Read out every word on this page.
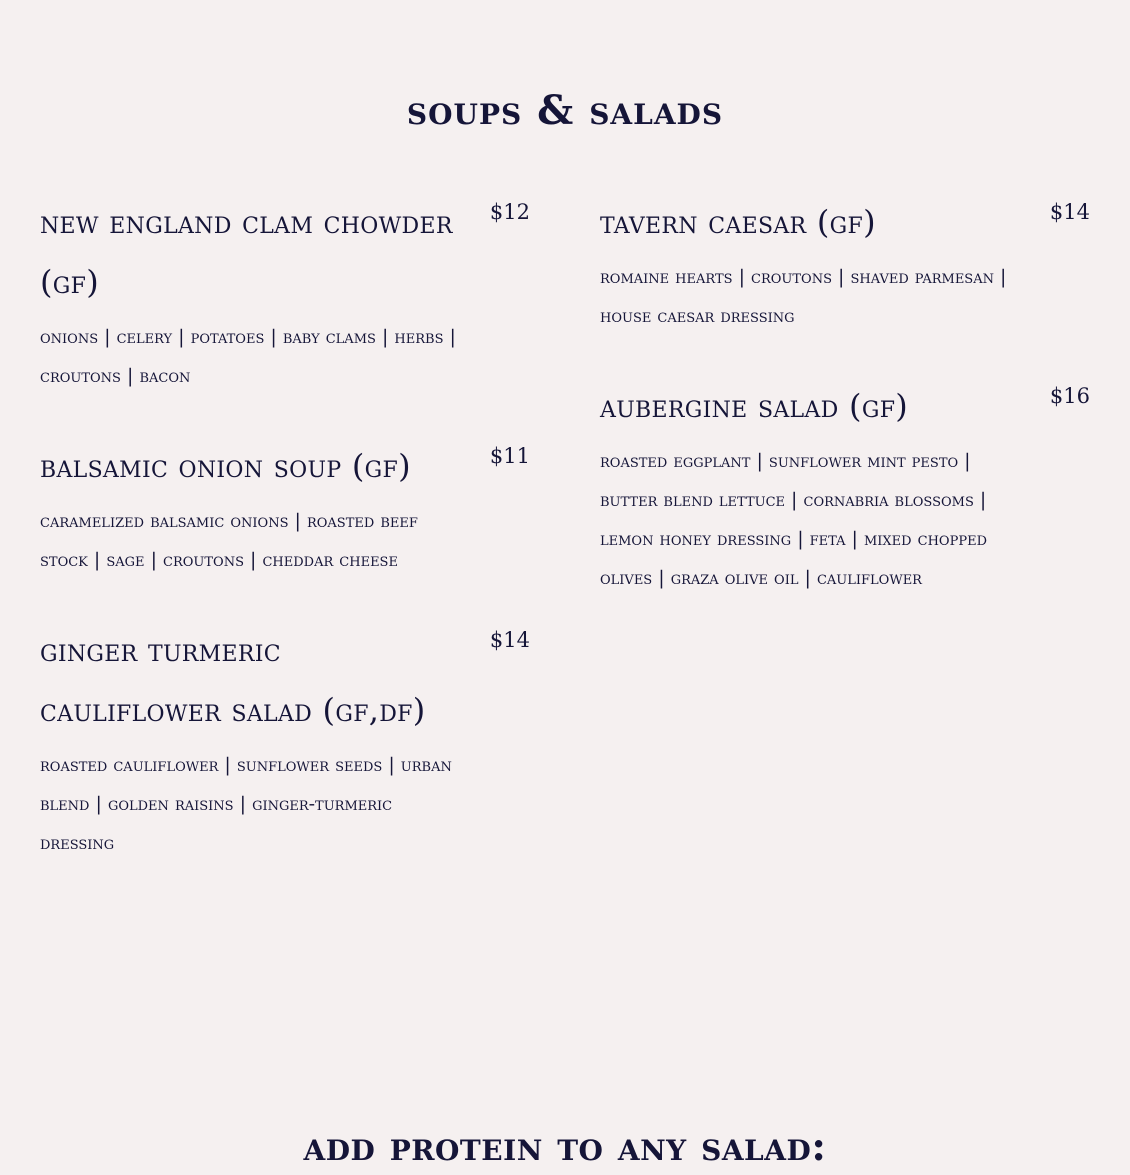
soups & salads
new england clam chowder (gf)
$12
onions | celery | potatoes | baby clams | herbs | croutons | bacon
balsamic onion soup (gf)	$11
caramelized balsamic onions | roasted beef stock | sage | croutons | cheddar cheese
ginger turmeric cauliflower salad (gf,df)
$14
roasted cauliflower | sunflower seeds | urban blend | golden raisins | ginger-turmeric dressing
tavern caesar (gf)	$14
romaine hearts | croutons | shaved parmesan | house caesar dressing
aubergine salad (gf)	$16
roasted eggplant | sunflower mint pesto | butter blend lettuce | cornabria blossoms | lemon honey dressing | feta | mixed chopped olives | graza olive oil | cauliflower
add protein to any salad:
